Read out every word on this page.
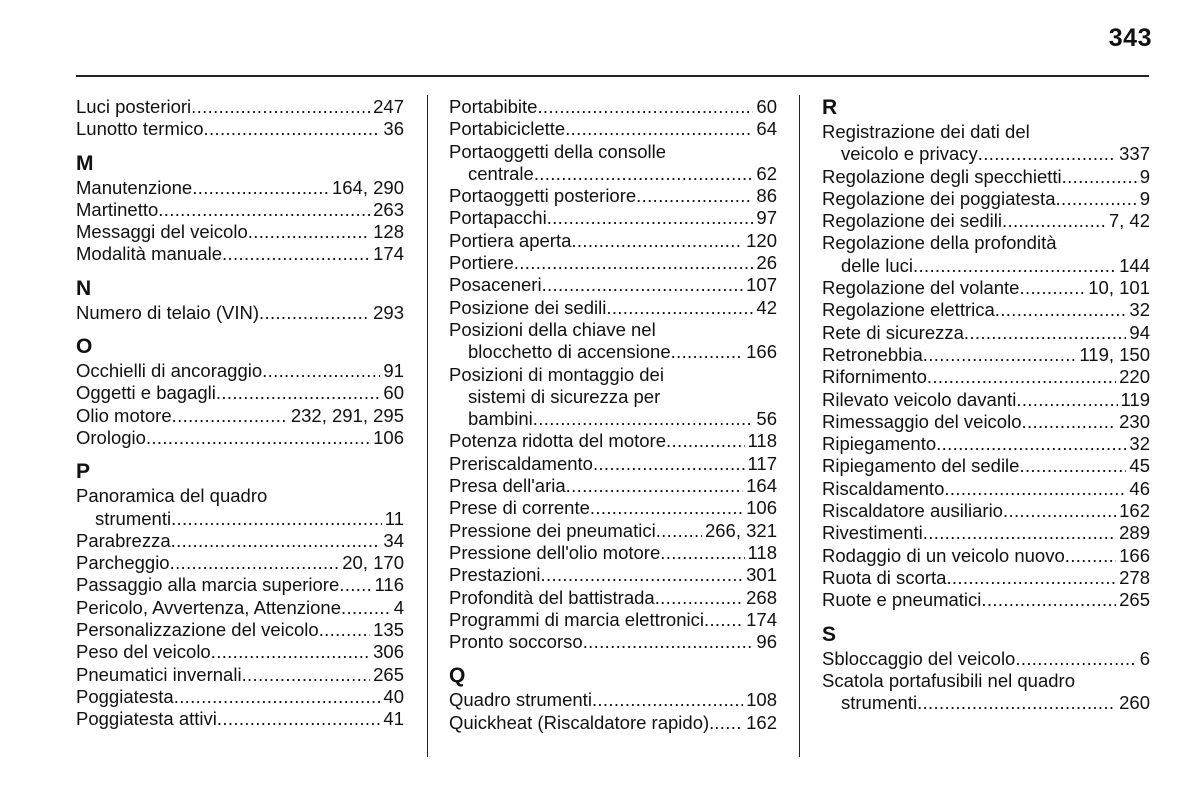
343
Luci posteriori . . .	247
Lunotto termico . . .	36
M
Manutenzione . . .	164, 290
Martinetto . . .	263
Messaggi del veicolo . . .	128
Modalità manuale . . .	174
N
Numero di telaio (VIN) . . .	293
O
Occhielli di ancoraggio . . .	91
Oggetti e bagagli . . .	60
Olio motore . . .	232, 291, 295
Orologio . . .	106
P
Panoramica del quadro
strumenti . . .	11
Parabrezza . . .	34
Parcheggio . . .	20, 170
Passaggio alla marcia superiore . . . 116
Pericolo, Avvertenza, Attenzione . . .	4
Personalizzazione del veicolo . . .	135
Peso del veicolo . . .	306
Pneumatici invernali . . .	265
Poggiatesta . . .	40
Poggiatesta attivi . . .	41
Portabibite . . .	60
Portabiciclette . . .	64
Portaoggetti della consolle
centrale . . .	62
Portaoggetti posteriore . . .	86
Portapacchi . . .	97
Portiera aperta . . .	120
Portiere . . .	26
Posaceneri . . .	107
Posizione dei sedili . . .	42
Posizioni della chiave nel
blocchetto di accensione . . .	166
Posizioni di montaggio dei
sistemi di sicurezza per
bambini . . .	56
Potenza ridotta del motore . . .	118
Preriscaldamento . . .	117
Presa dell'aria . . .	164
Prese di corrente . . .	106
Pressione dei pneumatici . . .	266, 321
Pressione dell'olio motore . . .	118
Prestazioni . . .	301
Profondità del battistrada . . .	268
Programmi di marcia elettronici . . . 174
Pronto soccorso . . .	96
Q
Quadro strumenti . . .	108
Quickheat (Riscaldatore rapido). . . . 162
R
Registrazione dei dati del
veicolo e privacy . . .	337
Regolazione degli specchietti . . .	9
Regolazione dei poggiatesta . . .	9
Regolazione dei sedili . . .	7, 42
Regolazione della profondità
delle luci . . .	144
Regolazione del volante . . .	10, 101
Regolazione elettrica . . .	32
Rete di sicurezza . . .	94
Retronebbia . . .	119, 150
Rifornimento . . .	220
Rilevato veicolo davanti . . .	119
Rimessaggio del veicolo . . .	230
Ripiegamento . . .	32
Ripiegamento del sedile . . .	45
Riscaldamento . . .	46
Riscaldatore ausiliario . . .	162
Rivestimenti . . .	289
Rodaggio di un veicolo nuovo . . .	166
Ruota di scorta . . .	278
Ruote e pneumatici . . .	265
S
Sbloccaggio del veicolo . . .	6
Scatola portafusibili nel quadro
strumenti . . .	260
